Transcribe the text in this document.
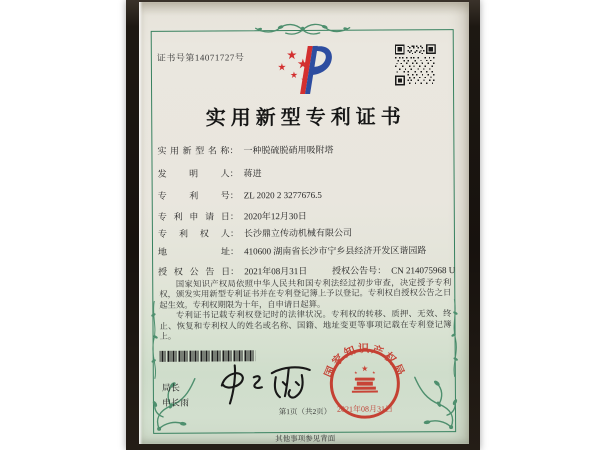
证书号第14071727号
实用新型专利证书
实用新型名称： 一种脱硫脱硝用吸附塔
发明人： 蒋进
专利号： ZL 2020 2 3277676.5
专利申请日： 2020年12月30日
专利权人： 长沙鼎立传动机械有限公司
地址： 410600 湖南省长沙市宁乡县经济开发区谐园路
授权公告日： 2021年08月31日	授权公告号： CN 214075968 U

国家知识产权局依照中华人民共和国专利法经过初步审查，决定授予专利权，颁发实用新型专利证书并在专利登记簿上予以登记。专利权自授权公告之日起生效。专利权期限为十年，自申请日起算。

专利证书记载专利权登记时的法律状况。专利权的转移、质押、无效、终止、恢复和专利权人的姓名或名称、国籍、地址变更等事项记载在专利登记簿上。

局长
申长雨
国家知识产权局
2021年08月31日
第1页（共2页）
其他事项参见背面
